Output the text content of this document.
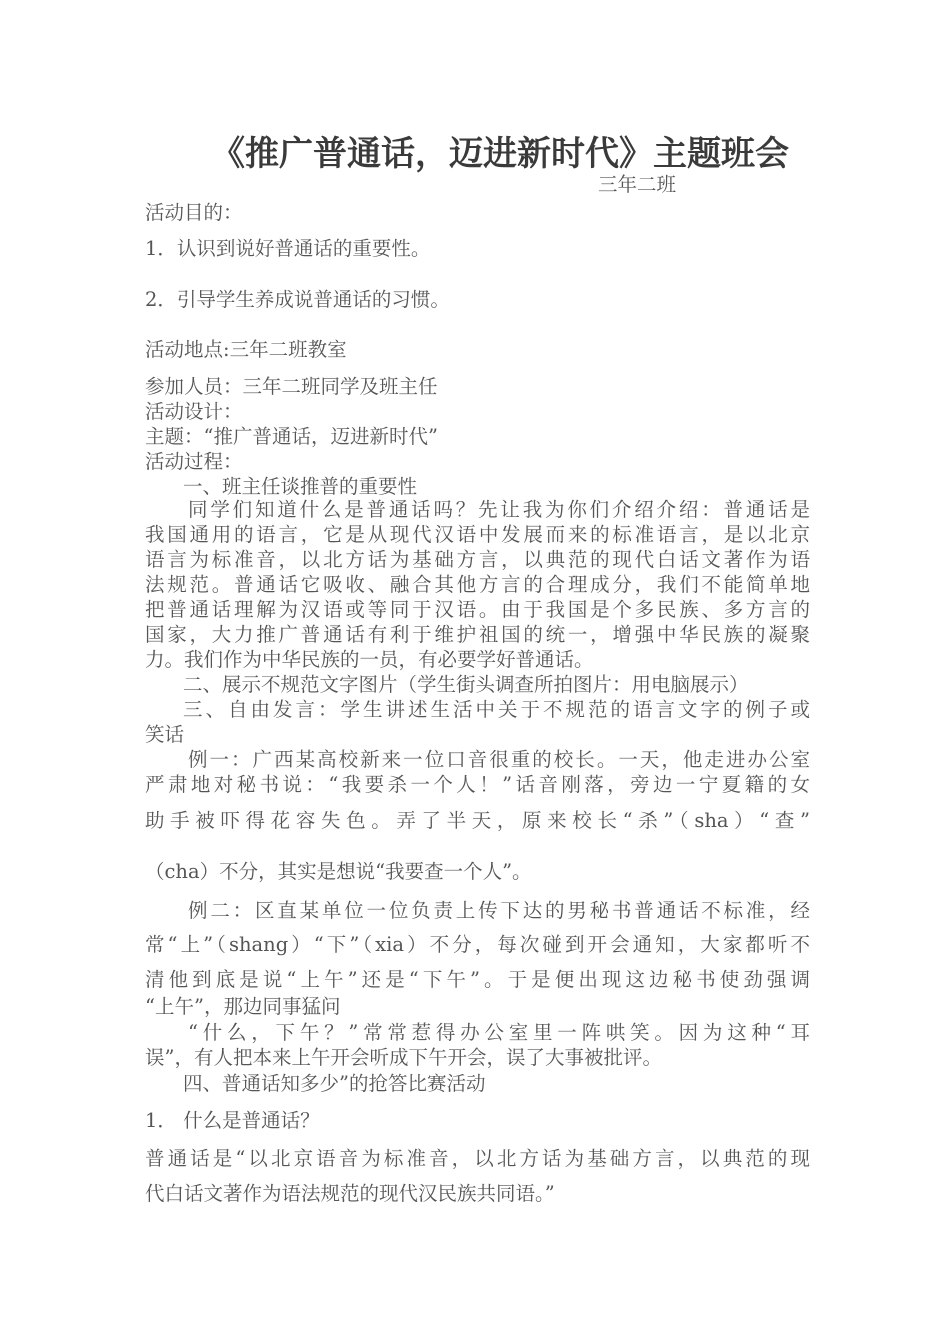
《推广普通话，迈进新时代》主题班会
三年二班
活动目的：
1．认识到说好普通话的重要性。
2．引导学生养成说普通话的习惯。
活动地点:三年二班教室
参加人员：三年二班同学及班主任
活动设计：
主题：“推广普通话，迈进新时代”
活动过程：
一、班主任谈推普的重要性
同学们知道什么是普通话吗？先让我为你们介绍介绍：普通话是
我国通用的语言，它是从现代汉语中发展而来的标准语言，是以北京
语言为标准音，以北方话为基础方言，以典范的现代白话文著作为语
法规范。普通话它吸收、融合其他方言的合理成分，我们不能简单地
把普通话理解为汉语或等同于汉语。由于我国是个多民族、多方言的
国家，大力推广普通话有利于维护祖国的统一，增强中华民族的凝聚
力。我们作为中华民族的一员，有必要学好普通话。
二、展示不规范文字图片（学生街头调查所拍图片：用电脑展示）
三、自由发言：学生讲述生活中关于不规范的语言文字的例子或
笑话
例一：广西某高校新来一位口音很重的校长。一天，他走进办公室
严肃地对秘书说：“我要杀一个人！”话音刚落，旁边一宁夏籍的女
助手被吓得花容失色。弄了半天，原来校长“杀”（sha）“查”
（cha）不分，其实是想说“我要查一个人”。
例二：区直某单位一位负责上传下达的男秘书普通话不标准，经
常“上”（shang）“下”（xia）不分，每次碰到开会通知，大家都听不
清他到底是说“上午”还是“下午”。于是便出现这边秘书使劲强调
“上午”，那边同事猛问
“什么，下午？”常常惹得办公室里一阵哄笑。因为这种“耳
误”，有人把本来上午开会听成下午开会，误了大事被批评。
四、普通话知多少”的抢答比赛活动
1． 什么是普通话？
普通话是“以北京语音为标准音，以北方话为基础方言，以典范的现
代白话文著作为语法规范的现代汉民族共同语。”
